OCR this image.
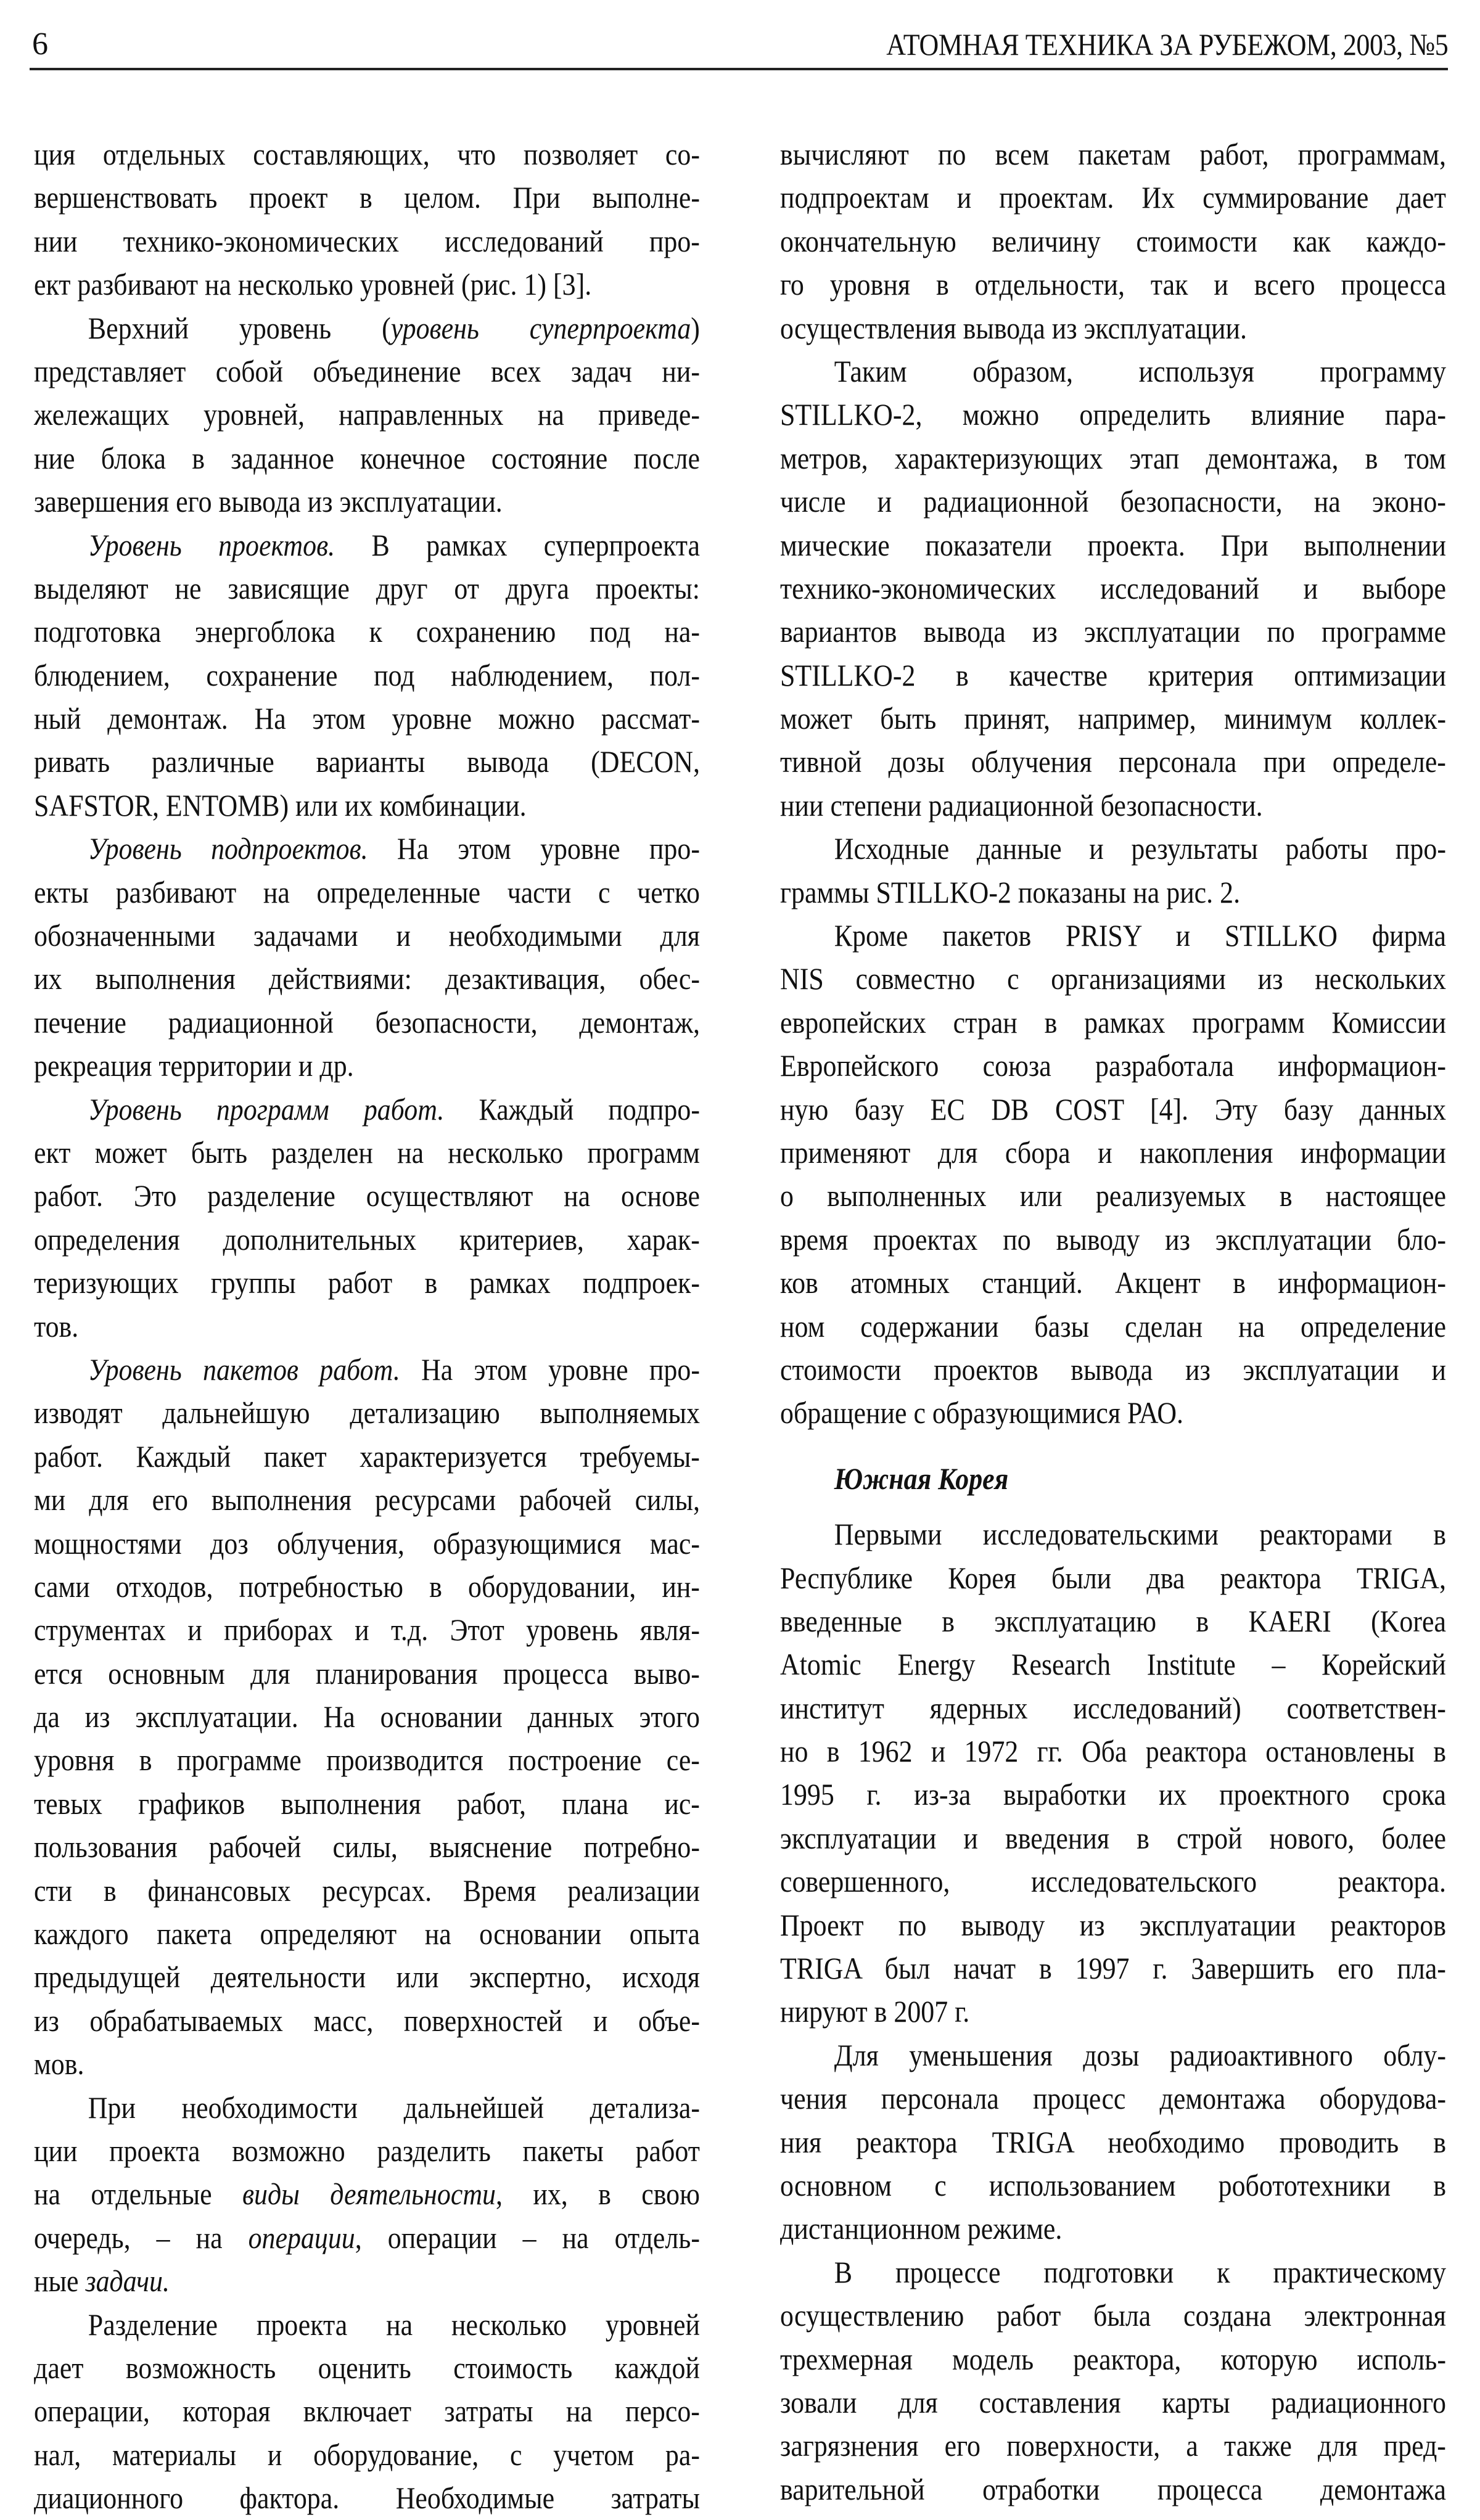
6	АТОМНАЯ ТЕХНИКА ЗА РУБЕЖОМ, 2003, №5
ция отдельных составляющих, что позволяет со-
вершенствовать проект в целом. При выполне-
нии технико-экономических исследований про-
ект разбивают на несколько уровней (рис. 1) [3].
Верхний уровень (уровень суперпроекта)
представляет собой объединение всех задач ни-
жележащих уровней, направленных на приведе-
ние блока в заданное конечное состояние после
завершения его вывода из эксплуатации.
Уровень проектов. В рамках суперпроекта
выделяют не зависящие друг от друга проекты:
подготовка энергоблока к сохранению под на-
блюдением, сохранение под наблюдением, пол-
ный демонтаж. На этом уровне можно рассмат-
ривать различные варианты вывода (DECON,
SAFSTOR, ENTOMB) или их комбинации.
Уровень подпроектов. На этом уровне про-
екты разбивают на определенные части с четко
обозначенными задачами и необходимыми для
их выполнения действиями: дезактивация, обес-
печение радиационной безопасности, демонтаж,
рекреация территории и др.
Уровень программ работ. Каждый подпро-
ект может быть разделен на несколько программ
работ. Это разделение осуществляют на основе
определения дополнительных критериев, харак-
теризующих группы работ в рамках подпроек-
тов.
Уровень пакетов работ. На этом уровне про-
изводят дальнейшую детализацию выполняемых
работ. Каждый пакет характеризуется требуемы-
ми для его выполнения ресурсами рабочей силы,
мощностями доз облучения, образующимися мас-
сами отходов, потребностью в оборудовании, ин-
струментах и приборах и т.д. Этот уровень явля-
ется основным для планирования процесса выво-
да из эксплуатации. На основании данных этого
уровня в программе производится построение се-
тевых графиков выполнения работ, плана ис-
пользования рабочей силы, выяснение потребно-
сти в финансовых ресурсах. Время реализации
каждого пакета определяют на основании опыта
предыдущей деятельности или экспертно, исходя
из обрабатываемых масс, поверхностей и объе-
мов.
При необходимости дальнейшей детализа-
ции проекта возможно разделить пакеты работ
на отдельные виды деятельности, их, в свою
очередь, – на операции, операции – на отдель-
ные задачи.
Разделение проекта на несколько уровней
дает возможность оценить стоимость каждой
операции, которая включает затраты на персо-
нал, материалы и оборудование, с учетом ра-
диационного фактора. Необходимые затраты
вычисляют по всем пакетам работ, программам,
подпроектам и проектам. Их суммирование дает
окончательную величину стоимости как каждо-
го уровня в отдельности, так и всего процесса
осуществления вывода из эксплуатации.
Таким образом, используя программу
STILLKO-2, можно определить влияние пара-
метров, характеризующих этап демонтажа, в том
числе и радиационной безопасности, на эконо-
мические показатели проекта. При выполнении
технико-экономических исследований и выборе
вариантов вывода из эксплуатации по программе
STILLKO-2 в качестве критерия оптимизации
может быть принят, например, минимум коллек-
тивной дозы облучения персонала при определе-
нии степени радиационной безопасности.
Исходные данные и результаты работы про-
граммы STILLKO-2 показаны на рис. 2.
Кроме пакетов PRISY и STILLKO фирма
NIS совместно с организациями из нескольких
европейских стран в рамках программ Комиссии
Европейского союза разработала информацион-
ную базу EC DB COST [4]. Эту базу данных
применяют для сбора и накопления информации
о выполненных или реализуемых в настоящее
время проектах по выводу из эксплуатации бло-
ков атомных станций. Акцент в информацион-
ном содержании базы сделан на определение
стоимости проектов вывода из эксплуатации и
обращение с образующимися РАО.
Южная Корея
Первыми исследовательскими реакторами в
Республике Корея были два реактора TRIGA,
введенные в эксплуатацию в KAERI (Korea
Atomic Energy Research Institute – Корейский
институт ядерных исследований) соответствен-
но в 1962 и 1972 гг. Оба реактора остановлены в
1995 г. из-за выработки их проектного срока
эксплуатации и введения в строй нового, более
совершенного, исследовательского реактора.
Проект по выводу из эксплуатации реакторов
TRIGA был начат в 1997 г. Завершить его пла-
нируют в 2007 г.
Для уменьшения дозы радиоактивного облу-
чения персонала процесс демонтажа оборудова-
ния реактора TRIGA необходимо проводить в
основном с использованием робототехники в
дистанционном режиме.
В процессе подготовки к практическому
осуществлению работ была создана электронная
трехмерная модель реактора, которую исполь-
зовали для составления карты радиационного
загрязнения его поверхности, а также для пред-
варительной отработки процесса демонтажа
